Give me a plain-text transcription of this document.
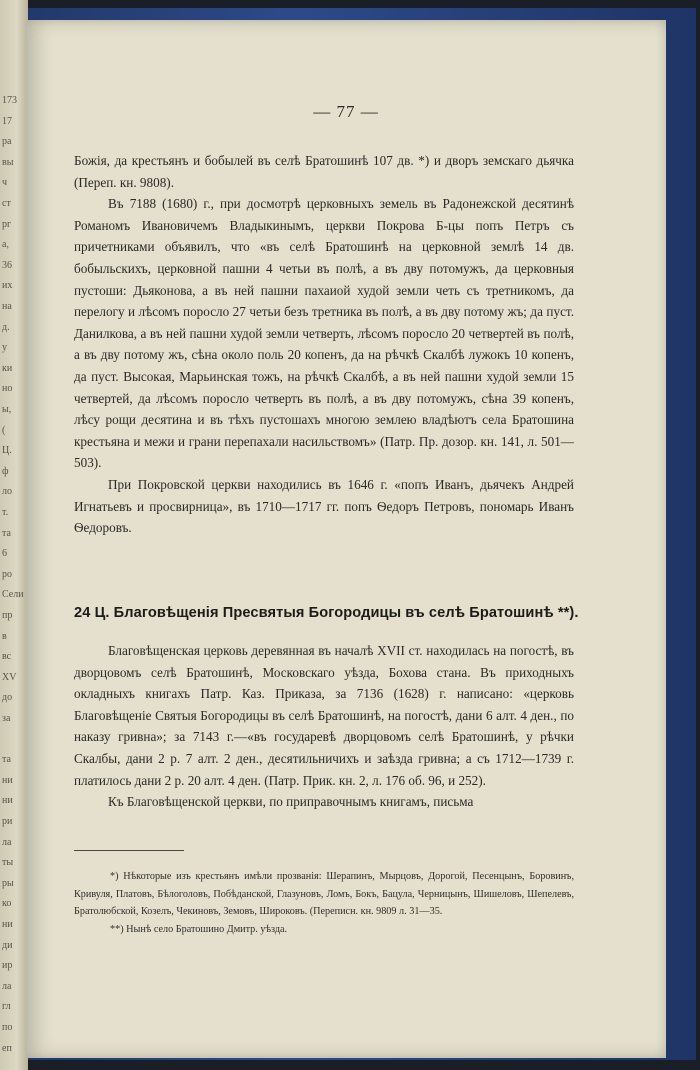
173
17
ра
вы
ч
ст
рг
а,
36
иx
на
д.
у
ки
но
ы,
(
Ц.
ф
ло
т.
та
6
ро
Сели
пр
в
вс
XV
до
за
та
ни
ни
ри
ла
ты
ры
ко
ни
ди
ир
ла
гл
по
еп
— 77 —

Божія, да крестьянъ и бобылей въ селѣ Братошинѣ 107 дв. *) и дворъ земскаго дьячка (Переп. кн. 9808).

Въ 7188 (1680) г., при досмотрѣ церковныхъ земель въ Радонежской десятинѣ Романомъ Ивановичемъ Владыкинымъ, церкви Покрова Б-цы попъ Петръ съ причетниками объявилъ, что «въ селѣ Братошинѣ на церковной землѣ 14 дв. бобыльскихъ, церковной пашни 4 четьи въ полѣ, а въ дву потомужъ, да церковныя пустоши: Дьяконова, а въ ней пашни пахаиой худой земли четь съ третникомъ, да перелогу и лѣсомъ поросло 27 четьи безъ третника въ полѣ, а въ дву потому жъ; да пуст. Данилкова, а въ ней пашни худой земли четверть, лѣсомъ поросло 20 четвертей въ полѣ, а въ дву потому жъ, сѣна около поль 20 копенъ, да на рѣчкѣ Скалбѣ лужокъ 10 копенъ, да пуст. Высокая, Марьинская тожъ, на рѣчкѣ Скалбѣ, а въ ней пашни худой земли 15 четвертей, да лѣсомъ поросло четверть въ полѣ, а въ дву потомужъ, сѣна 39 копенъ, лѣсу рощи десятина и въ тѣхъ пустошахъ многою землею владѣютъ села Братошина крестьяна и межи и грани перепахали насильствомъ» (Патр. Пр. дозор. кн. 141, л. 501—503).

При Покровской церкви находились въ 1646 г. «попъ Иванъ, дьячекъ Андрей Игнатьевъ и просвирница», въ 1710—1717 гг. попъ Ѳедоръ Петровъ, пономарь Иванъ Ѳедоровъ.

24 Ц. Благовѣщенія Пресвятыя Богородицы въ селѣ Братошинѣ **).

Благовѣщенская церковь деревянная въ началѣ XVII ст. находилась на погостѣ, въ дворцовомъ селѣ Братошинѣ, Московскаго уѣзда, Бохова стана. Въ приходныхъ окладныхъ книгахъ Патр. Каз. Приказа, за 7136 (1628) г. написано: «церковь Благовѣщеніе Святыя Богородицы въ селѣ Братошинѣ, на погостѣ, дани 6 алт. 4 ден., по наказу гривна»; за 7143 г.—«въ государевѣ дворцовомъ селѣ Братошинѣ, у рѣчки Скалбы, дани 2 р. 7 алт. 2 ден., десятильничихъ и заѣзда гривна; а съ 1712—1739 г. платилось дани 2 р. 20 алт. 4 ден. (Патр. Прик. кн. 2, л. 176 об. 96, и 252).

Къ Благовѣщенской церкви, по приправочнымъ книгамъ, письма

*) Нѣкоторые изъ крестьянъ имѣли прозванія: Шерапинъ, Мырцовъ, Дорогой, Песенцынъ, Боровинъ, Кривуля, Платовъ, Бѣлоголовъ, Побѣданской, Глазуновъ, Ломъ, Бокъ, Бацула, Черницынъ, Шишеловъ, Шепелевъ, Братолюбской, Козелъ, Чекиновъ, Земовъ, Широковъ. (Переписн. кн. 9809 л. 31—35.

**) Нынѣ село Братошино Дмитр. уѣзда.
